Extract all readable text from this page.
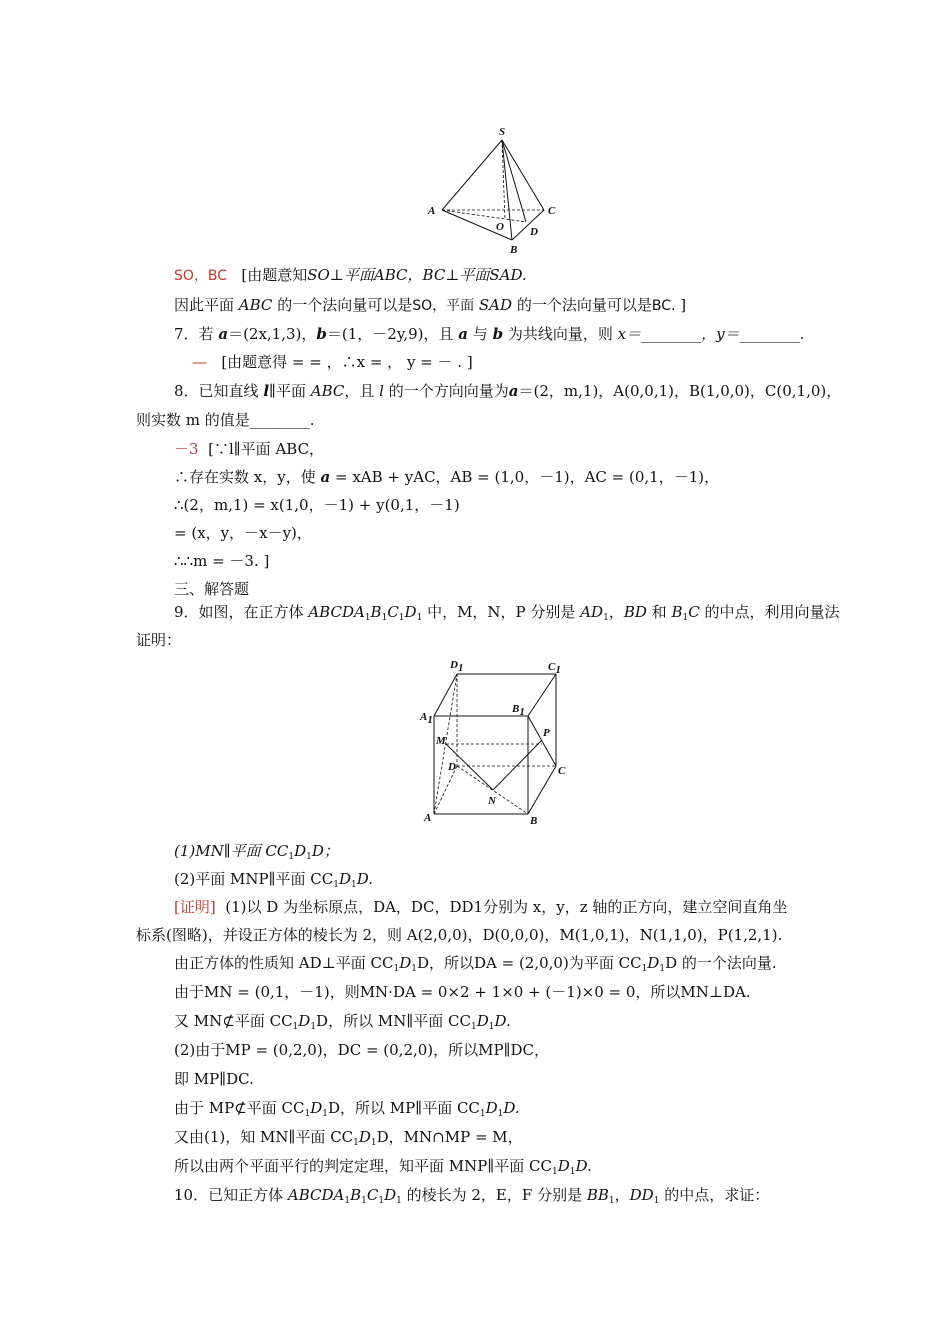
S
A	C
O D
B
SO，BC [由题意知SO⊥平面ABC，BC⊥平面SAD.
因此平面 ABC 的一个法向量可以是SO，平面 SAD 的一个法向量可以是BC. ]
7．若 a＝(2x,1,3)，b＝(1，－2y,9)，且 a 与 b 为共线向量，则 x＝________，y＝________.
— [由题意得 = = ，∴x = ， y = － . ]
8．已知直线 l∥平面 ABC，且 l 的一个方向向量为a＝(2，m,1)，A(0,0,1)，B(1,0,0)，C(0,1,0)，
则实数 m 的值是________.
－3 [∵l∥平面 ABC，
∴存在实数 x，y，使 a = xAB + yAC，AB = (1,0，－1)，AC = (0,1，－1)，
∴(2，m,1) = x(1,0，－1) + y(0,1，－1)
= (x，y，－x－y)，
∴∴m = －3. ]
三、解答题
9．如图，在正方体 $ABCDA_1B_1C_1D_1$ 中，M，N，P 分别是 $AD_1$，BD 和 $B_1C$ 的中点，利用向量法
证明：
D1	C1
A1
B1
M
P
D	C
N
A	B
(1)MN∥平面 $CC_1D_1D$；
(2)平面 MNP∥平面 $CC_1D_1D$.
[证明] (1)以 D 为坐标原点，DA，DC，DD1分别为 x，y，z 轴的正方向，建立空间直角坐
标系(图略)，并设正方体的棱长为 2，则 A(2,0,0)，D(0,0,0)，M(1,0,1)，N(1,1,0)，P(1,2,1).
由正方体的性质知 AD⊥平面 $CC_1D_1D$，所以DA = (2,0,0)为平面 $CC_1D_1D$ 的一个法向量.
由于MN = (0,1，－1)，则MN·DA = 0×2 + 1×0 + (－1)×0 = 0，所以MN⊥DA.
又 MN⊄平面 $CC_1D_1D$，所以 MN∥平面 $CC_1D_1D$.
(2)由于MP = (0,2,0)，DC = (0,2,0)，所以MP∥DC，
即 MP∥DC.
由于 MP⊄平面 $CC_1D_1D$，所以 MP∥平面 $CC_1D_1D$.
又由(1)，知 MN∥平面 $CC_1D_1D$，MN∩MP = M，
所以由两个平面平行的判定定理，知平面 MNP∥平面 $CC_1D_1D$.
10．已知正方体 $ABCDA_1B_1C_1D_1$ 的棱长为 2，E，F 分别是 $BB_1$，$DD_1$ 的中点，求证：
